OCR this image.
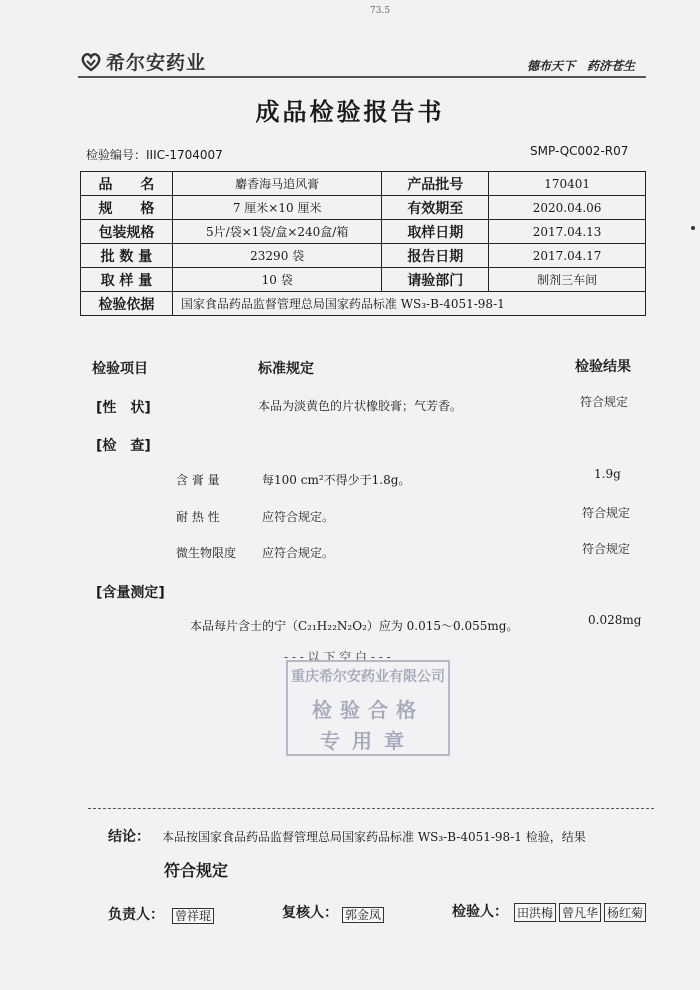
73.5
希尔安药业	德布天下　药济苍生
成品检验报告书
检验编号：IIIC-1704007	SMP-QC002-R07
品　　名	麝香海马追风膏	产品批号	170401
规　　格	7 厘米×10 厘米	有效期至	2020.04.06
包装规格	5片/袋×1袋/盒×240盒/箱	取样日期	2017.04.13
批 数 量	23290 袋	报告日期	2017.04.17
取 样 量	10 袋	请验部门	制剂三车间
检验依据	国家食品药品监督管理总局国家药品标准 WS₃-B-4051-98-1		
检验项目	标准规定	检验结果
[性　状]	本品为淡黄色的片状橡胶膏；气芳香。	符合规定
[检　查]
含 膏 量	每100 cm²不得少于1.8g。	1.9g
耐 热 性	应符合规定。	符合规定
微生物限度 应符合规定。	符合规定
[含量测定]
本品每片含士的宁（C₂₁H₂₂N₂O₂）应为 0.015～0.055mg。	0.028mg
- - - 以 下 空 白 - - -
重庆希尔安药业有限公司
检验合格
专用章
结论： 本品按国家食品药品监督管理总局国家药品标准 WS₃-B-4051-98-1 检验，结果
符合规定
负责人： 曾祥琨	复核人： 郭金凤	检验人： 田洪梅 曾凡华 杨红菊
